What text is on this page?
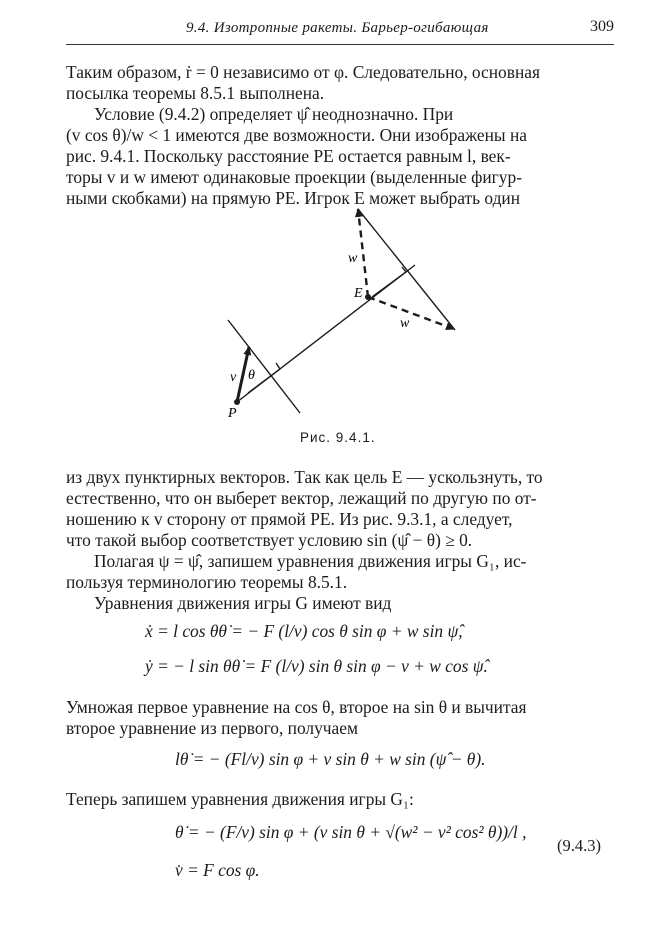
9.4. Изотропные ракеты. Барьер-огибающая	309
Таким образом, ṙ = 0 независимо от φ. Следовательно, основная
посылка теоремы 8.5.1 выполнена.
Условие (9.4.2) определяет ψ̂ неоднозначно. При
(v cos θ)/w < 1 имеются две возможности. Они изображены на
рис. 9.4.1. Поскольку расстояние PE остается равным l, век-
торы v и w имеют одинаковые проекции (выделенные фигур-
ными скобками) на прямую PE. Игрок E может выбрать один
P
E
v θ
w
w
Рис. 9.4.1.
из двух пунктирных векторов. Так как цель E — ускользнуть, то
естественно, что он выберет вектор, лежащий по другую по от-
ношению к v сторону от прямой PE. Из рис. 9.3.1, a следует,
что такой выбор соответствует условию sin (ψ̂ − θ) ≥ 0.
Полагая ψ = ψ̂, запишем уравнения движения игры G₁, ис-
пользуя терминологию теоремы 8.5.1.
Уравнения движения игры G имеют вид
ẋ = l cos θθ̇ = − F (l/v) cos θ sin φ + w sin ψ̂,
ẏ = − l sin θθ̇ = F (l/v) sin θ sin φ − v + w cos ψ̂.
Умножая первое уравнение на cos θ, второе на sin θ и вычитая
второе уравнение из первого, получаем
lθ̇ = − (Fl/v) sin φ + v sin θ + w sin (ψ̂ − θ).
Теперь запишем уравнения движения игры G₁:
θ̇ = − (F/v) sin φ + (v sin θ + √(w² − v² cos² θ))/l ,
v̇ = F cos φ.
(9.4.3)
